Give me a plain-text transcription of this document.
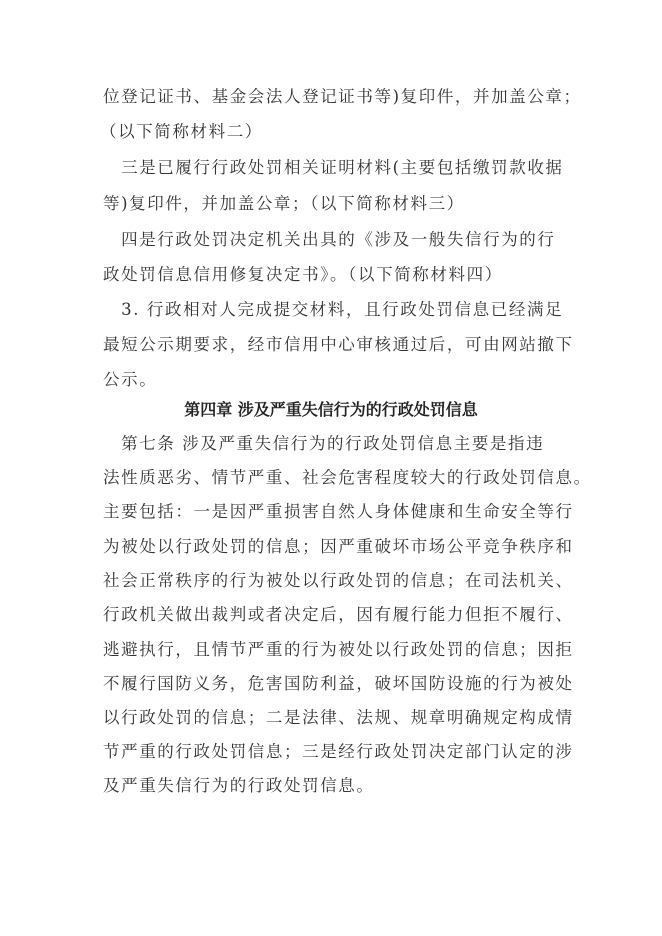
位登记证书、基金会法人登记证书等)复印件，并加盖公章；
（以下简称材料二）
　三是已履行行政处罚相关证明材料(主要包括缴罚款收据
等)复印件，并加盖公章；（以下简称材料三）
　四是行政处罚决定机关出具的《涉及一般失信行为的行
政处罚信息信用修复决定书》。（以下简称材料四）
　3. 行政相对人完成提交材料，且行政处罚信息已经满足
最短公示期要求，经市信用中心审核通过后，可由网站撤下
公示。
第四章 涉及严重失信行为的行政处罚信息
　第七条 涉及严重失信行为的行政处罚信息主要是指违
法性质恶劣、情节严重、社会危害程度较大的行政处罚信息。
主要包括：一是因严重损害自然人身体健康和生命安全等行
为被处以行政处罚的信息；因严重破坏市场公平竞争秩序和
社会正常秩序的行为被处以行政处罚的信息；在司法机关、
行政机关做出裁判或者决定后，因有履行能力但拒不履行、
逃避执行，且情节严重的行为被处以行政处罚的信息；因拒
不履行国防义务，危害国防利益，破坏国防设施的行为被处
以行政处罚的信息；二是法律、法规、规章明确规定构成情
节严重的行政处罚信息；三是经行政处罚决定部门认定的涉
及严重失信行为的行政处罚信息。
